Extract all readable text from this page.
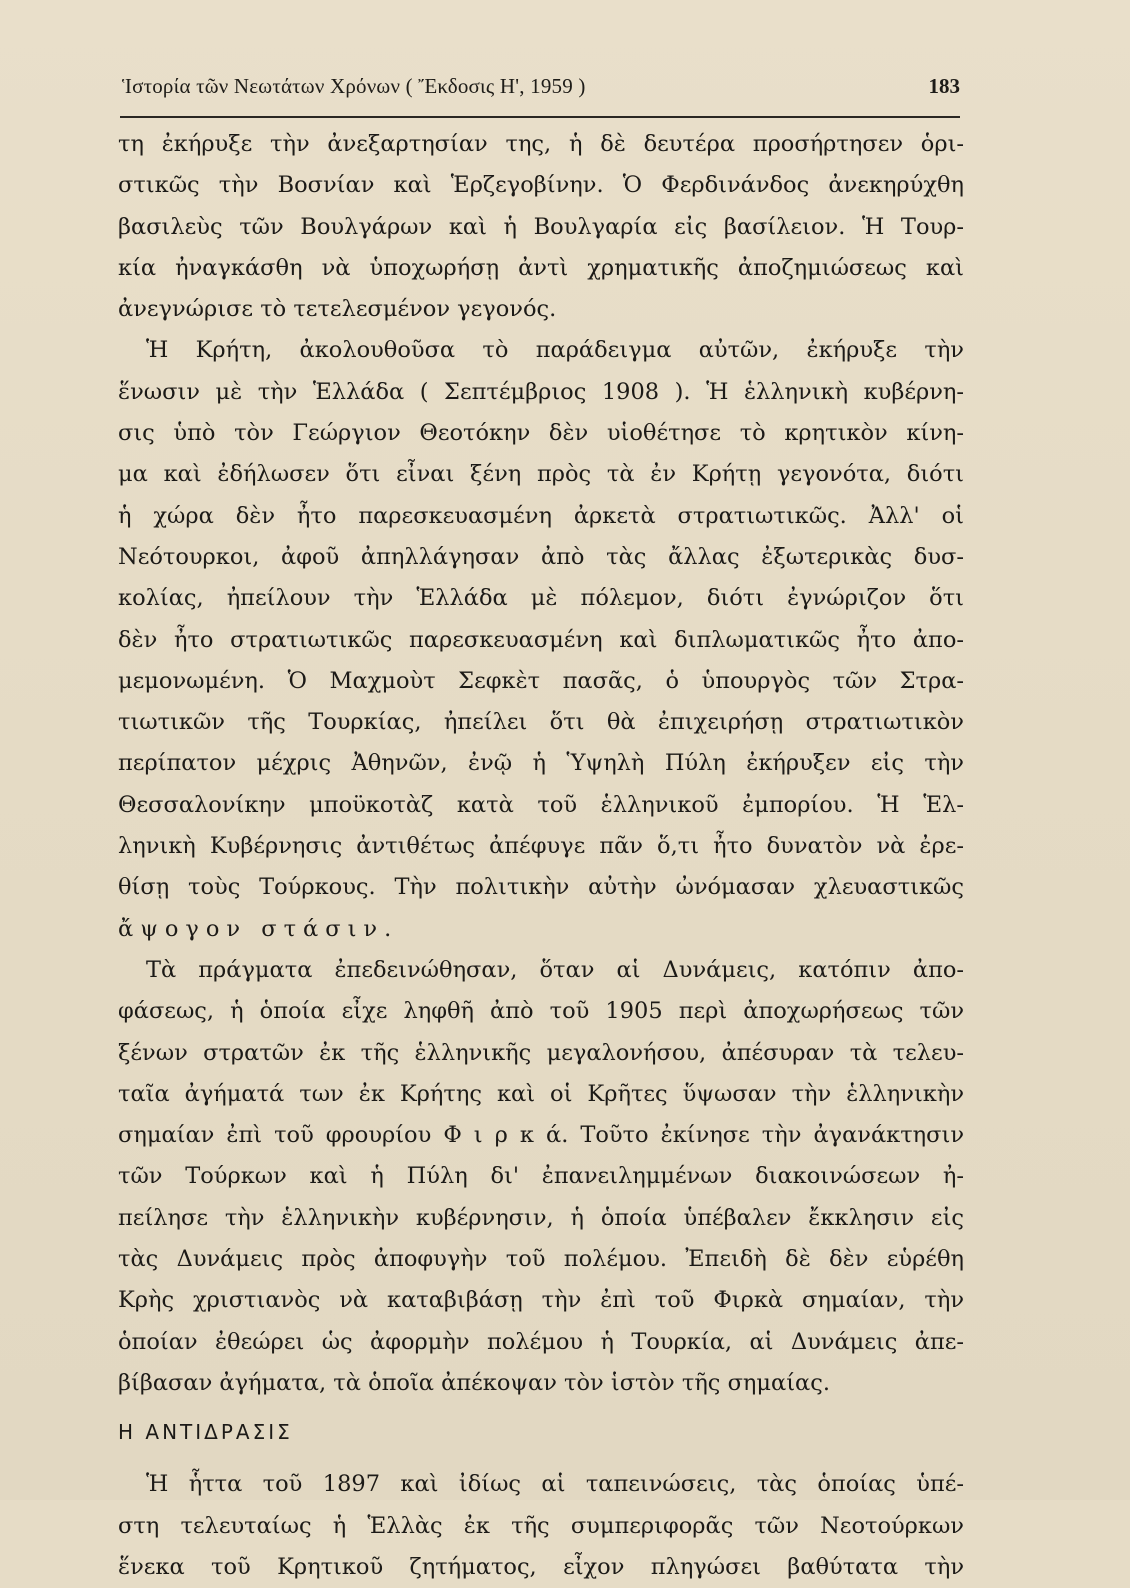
Ἱστορία τῶν Νεωτάτων Χρόνων ( Ἔκδοσις Η', 1959 )	183
τη ἐκήρυξε τὴν ἀνεξαρτησίαν της, ἡ δὲ δευτέρα προσήρτησεν ὁρι-
στικῶς τὴν Βοσνίαν καὶ Ἑρζεγοβίνην. Ὁ Φερδινάνδος ἀνεκηρύχθη
βασιλεὺς τῶν Βουλγάρων καὶ ἡ Βουλγαρία εἰς βασίλειον. Ἡ Τουρ-
κία ἠναγκάσθη νὰ ὑποχωρήσῃ ἀντὶ χρηματικῆς ἀποζημιώσεως καὶ
ἀνεγνώρισε τὸ τετελεσμένον γεγονός.
Ἡ Κρήτη, ἀκολουθοῦσα τὸ παράδειγμα αὐτῶν, ἐκήρυξε τὴν
ἕνωσιν μὲ τὴν Ἑλλάδα ( Σεπτέμβριος 1908 ). Ἡ ἑλληνικὴ κυβέρνη-
σις ὑπὸ τὸν Γεώργιον Θεοτόκην δὲν υἱοθέτησε τὸ κρητικὸν κίνη-
μα καὶ ἐδήλωσεν ὅτι εἶναι ξένη πρὸς τὰ ἐν Κρήτῃ γεγονότα, διότι
ἡ χώρα δὲν ἦτο παρεσκευασμένη ἀρκετὰ στρατιωτικῶς. Ἀλλ' οἱ
Νεότουρκοι, ἀφοῦ ἀπηλλάγησαν ἀπὸ τὰς ἄλλας ἐξωτερικὰς δυσ-
κολίας, ἠπείλουν τὴν Ἑλλάδα μὲ πόλεμον, διότι ἐγνώριζον ὅτι
δὲν ἦτο στρατιωτικῶς παρεσκευασμένη καὶ διπλωματικῶς ἦτο ἀπο-
μεμονωμένη. Ὁ Μαχμοὺτ Σεφκὲτ πασᾶς, ὁ ὑπουργὸς τῶν Στρα-
τιωτικῶν τῆς Τουρκίας, ἠπείλει ὅτι θὰ ἐπιχειρήσῃ στρατιωτικὸν
περίπατον μέχρις Ἀθηνῶν, ἐνῷ ἡ Ὑψηλὴ Πύλη ἐκήρυξεν εἰς τὴν
Θεσσαλονίκην μποϋκοτὰζ κατὰ τοῦ ἑλληνικοῦ ἐμπορίου. Ἡ Ἑλ-
ληνικὴ Κυβέρνησις ἀντιθέτως ἀπέφυγε πᾶν ὅ,τι ἦτο δυνατὸν νὰ ἐρε-
θίσῃ τοὺς Τούρκους. Τὴν πολιτικὴν αὐτὴν ὠνόμασαν χλευαστικῶς
ἄψογον στάσιν.
Τὰ πράγματα ἐπεδεινώθησαν, ὅταν αἱ Δυνάμεις, κατόπιν ἀπο-
φάσεως, ἡ ὁποία εἶχε ληφθῆ ἀπὸ τοῦ 1905 περὶ ἀποχωρήσεως τῶν
ξένων στρατῶν ἐκ τῆς ἑλληνικῆς μεγαλονήσου, ἀπέσυραν τὰ τελευ-
ταῖα ἀγήματά των ἐκ Κρήτης καὶ οἱ Κρῆτες ὕψωσαν τὴν ἑλληνικὴν
σημαίαν ἐπὶ τοῦ φρουρίου Φ ι ρ κ ά. Τοῦτο ἐκίνησε τὴν ἀγανάκτησιν
τῶν Τούρκων καὶ ἡ Πύλη δι' ἐπανειλημμένων διακοινώσεων ἠ-
πείλησε τὴν ἑλληνικὴν κυβέρνησιν, ἡ ὁποία ὑπέβαλεν ἔκκλησιν εἰς
τὰς Δυνάμεις πρὸς ἀποφυγὴν τοῦ πολέμου. Ἐπειδὴ δὲ δὲν εὑρέθη
Κρὴς χριστιανὸς νὰ καταβιβάσῃ τὴν ἐπὶ τοῦ Φιρκὰ σημαίαν, τὴν
ὁποίαν ἐθεώρει ὡς ἀφορμὴν πολέμου ἡ Τουρκία, αἱ Δυνάμεις ἀπε-
βίβασαν ἀγήματα, τὰ ὁποῖα ἀπέκοψαν τὸν ἱστὸν τῆς σημαίας.
Η ΑΝΤΙΔΡΑΣΙΣ
Ἡ ἧττα τοῦ 1897 καὶ ἰδίως αἱ ταπεινώσεις, τὰς ὁποίας ὑπέ-
στη τελευταίως ἡ Ἑλλὰς ἐκ τῆς συμπεριφορᾶς τῶν Νεοτούρκων
ἕνεκα τοῦ Κρητικοῦ ζητήματος, εἶχον πληγώσει βαθύτατα τὴν
